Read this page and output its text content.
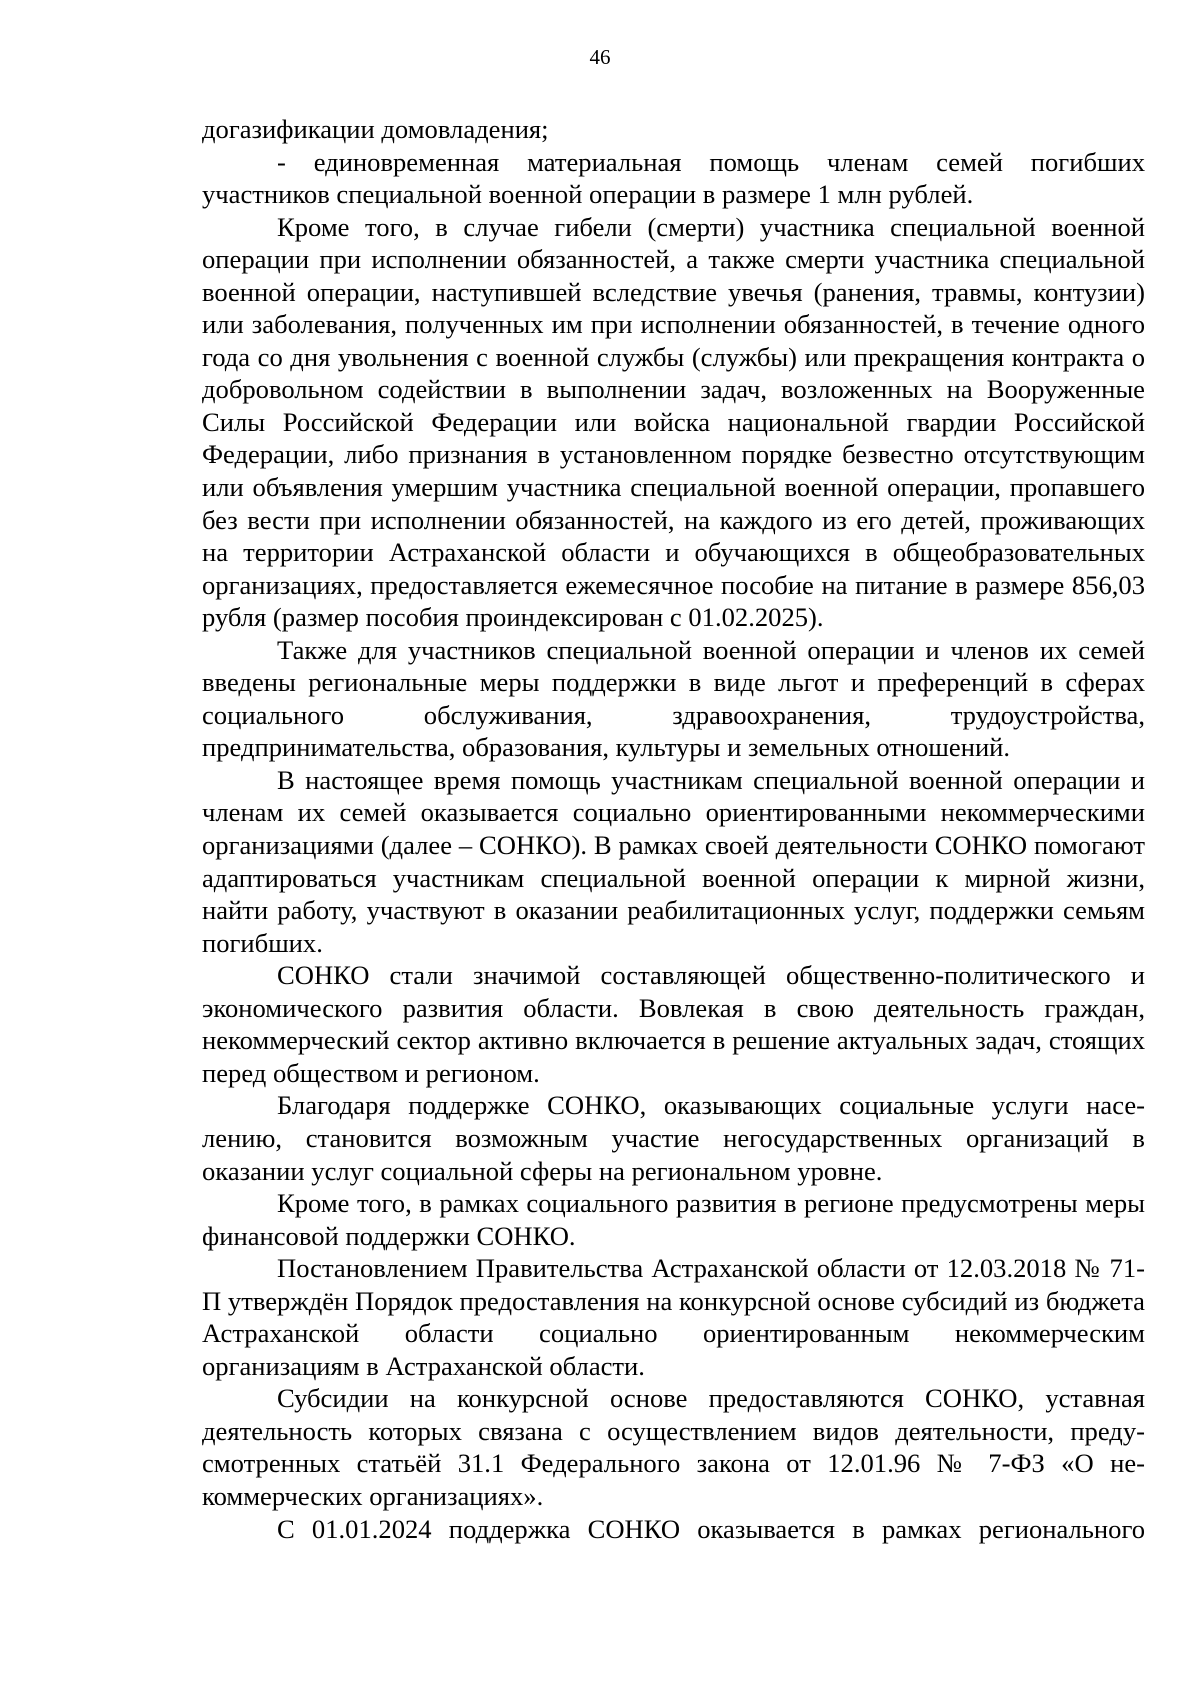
46

догазификации домовладения;

- единовременная материальная помощь членам семей погибших участников специальной военной операции в размере 1 млн рублей.

Кроме того, в случае гибели (смерти) участника специальной военной операции при исполнении обязанностей, а также смерти участника специальной военной операции, наступившей вследствие увечья (ранения, травмы, контузии) или заболевания, полученных им при исполнении обязанностей, в течение одного года со дня увольнения с военной службы (службы) или прекращения контракта о добровольном содействии в выполнении задач, возложенных на Вооруженные Силы Российской Федерации или войска национальной гвардии Российской Федерации, либо признания в установленном порядке безвестно отсутствующим или объявления умершим участника специальной военной операции, пропавшего без вести при исполнении обязанностей, на каждого из его детей, проживающих на территории Астраханской области и обучающихся в общеобразовательных организациях, предоставляется ежемесячное пособие на питание в размере 856,03 рубля (размер пособия проиндексирован с 01.02.2025).

Также для участников специальной военной операции и членов их семей введены региональные меры поддержки в виде льгот и преференций в сферах социального обслуживания, здравоохранения, трудоустройства, предпринимательства, образования, культуры и земельных отношений.

В настоящее время помощь участникам специальной военной операции и членам их семей оказывается социально ориентированными некоммерческими организациями (далее – СОНКО). В рамках своей деятельности СОНКО помогают адаптироваться участникам специальной военной операции к мирной жизни, найти работу, участвуют в оказании реабилитационных услуг, поддержки семьям погибших.

СОНКО стали значимой составляющей общественно-политического и экономического развития области. Вовлекая в свою деятельность граждан, некоммерческий сектор активно включается в решение актуальных задач, стоящих перед обществом и регионом.

Благодаря поддержке СОНКО, оказывающих социальные услуги населению, становится возможным участие негосударственных организаций в оказании услуг социальной сферы на региональном уровне.

Кроме того, в рамках социального развития в регионе предусмотрены меры финансовой поддержки СОНКО.

Постановлением Правительства Астраханской области от 12.03.2018 № 71-П утверждён Порядок предоставления на конкурсной основе субсидий из бюджета Астраханской области социально ориентированным некоммерческим организациям в Астраханской области.

Субсидии на конкурсной основе предоставляются СОНКО, уставная деятельность которых связана с осуществлением видов деятельности, предусмотренных статьёй 31.1 Федерального закона от 12.01.96 № 7-ФЗ «О некоммерческих организациях».

С 01.01.2024 поддержка СОНКО оказывается в рамках регионального
